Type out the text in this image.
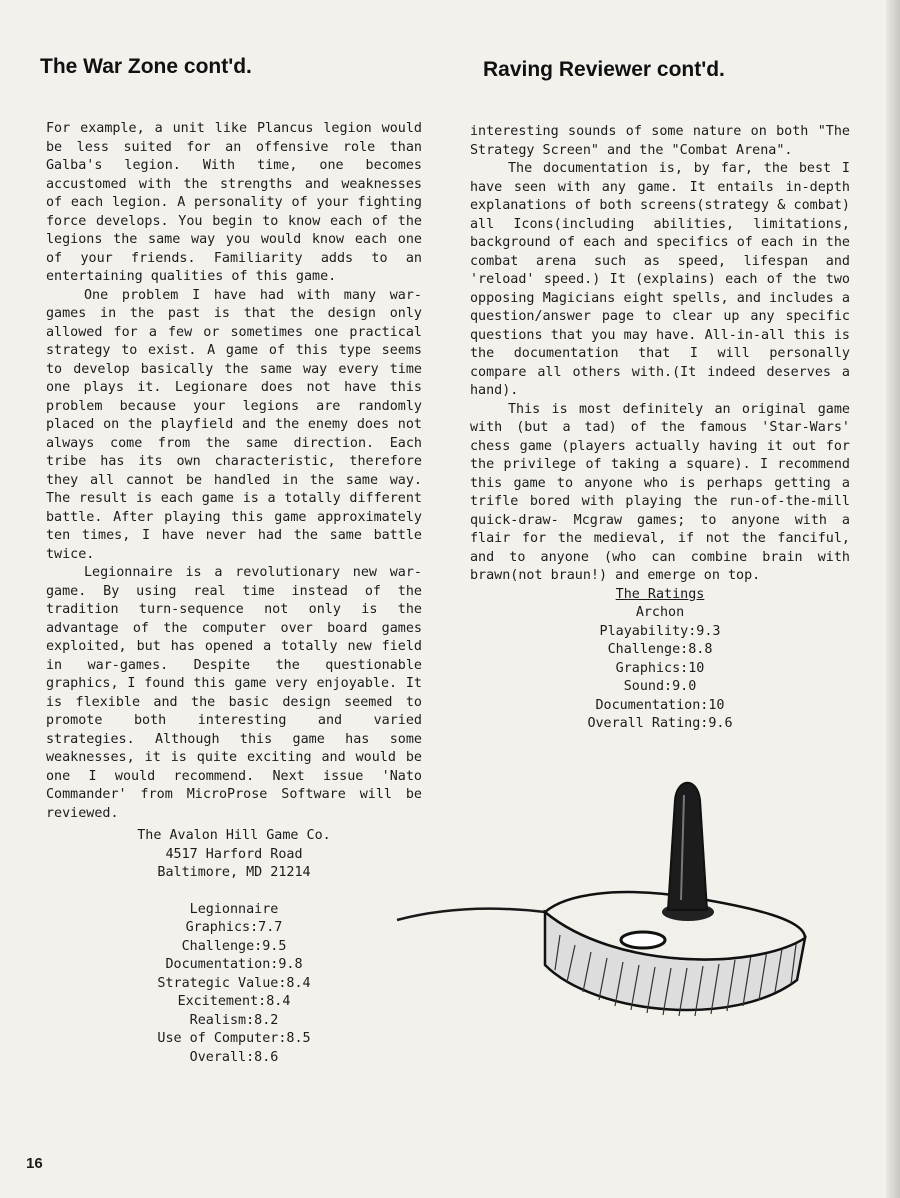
The War Zone cont'd.	Raving Reviewer cont'd.

For example, a unit like Plancus legion would be less suited for an offensive role than Galba's legion. With time, one becomes accustomed with the strengths and weaknesses of each legion. A personality of your fighting force develops. You begin to know each of the legions the same way you would know each one of your friends. Familiarity adds to an entertaining qualities of this game.

One problem I have had with many war-games in the past is that the design only allowed for a few or sometimes one practical strategy to exist. A game of this type seems to develop basically the same way every time one plays it. Legionare does not have this problem because your legions are randomly placed on the playfield and the enemy does not always come from the same direction. Each tribe has its own characteristic, therefore they all cannot be handled in the same way. The result is each game is a totally different battle. After playing this game approximately ten times, I have never had the same battle twice.

Legionnaire is a revolutionary new war-game. By using real time instead of the tradition turn-sequence not only is the advantage of the computer over board games exploited, but has opened a totally new field in war-games. Despite the questionable graphics, I found this game very enjoyable. It is flexible and the basic design seemed to promote both interesting and varied strategies. Although this game has some weaknesses, it is quite exciting and would be one I would recommend. Next issue 'Nato Commander' from MicroProse Software will be reviewed.

The Avalon Hill Game Co.
4517 Harford Road
Baltimore, MD 21214
Legionnaire
Graphics:7.7
Challenge:9.5
Documentation:9.8
Strategic Value:8.4
Excitement:8.4
Realism:8.2
Use of Computer:8.5
Overall:8.6

interesting sounds of some nature on both "The Strategy Screen" and the "Combat Arena".

The documentation is, by far, the best I have seen with any game. It entails in-depth explanations of both screens(strategy & combat) all Icons(including abilities, limitations, background of each and specifics of each in the combat arena such as speed, lifespan and 'reload' speed.) It (explains) each of the two opposing Magicians eight spells, and includes a question/answer page to clear up any specific questions that you may have. All-in-all this is the documentation that I will personally compare all others with.(It indeed deserves a hand).

This is most definitely an original game with (but a tad) of the famous 'Star-Wars' chess game (players actually having it out for the privilege of taking a square). I recommend this game to anyone who is perhaps getting a trifle bored with playing the run-of-the-mill quick-draw- Mcgraw games; to anyone with a flair for the medieval, if not the fanciful, and to anyone (who can combine brain with brawn(not braun!) and emerge on top.

The Ratings
Archon
Playability:9.3
Challenge:8.8
Graphics:10
Sound:9.0
Documentation:10
Overall Rating:9.6
16
